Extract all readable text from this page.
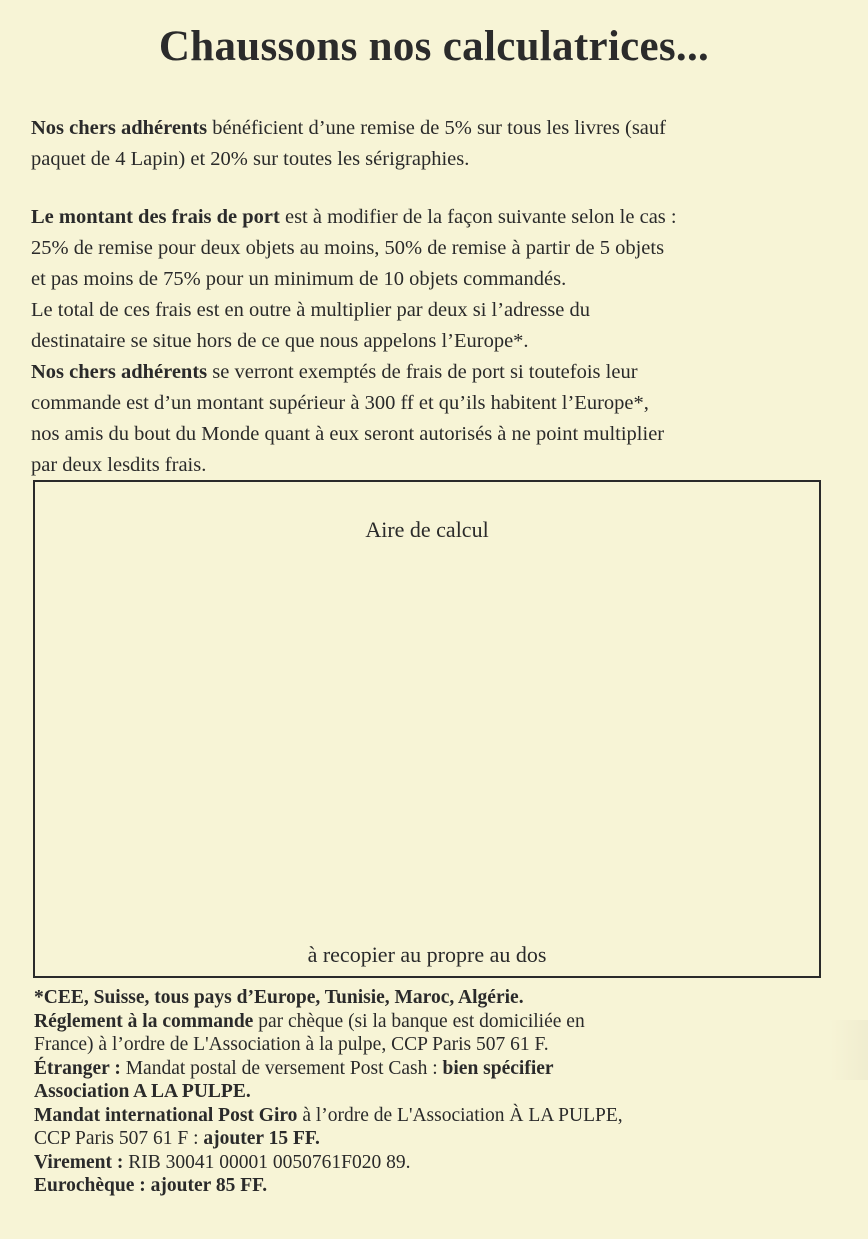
Chaussons nos calculatrices...

Nos chers adhérents bénéficient d’une remise de 5% sur tous les livres (sauf

paquet de 4 Lapin) et 20% sur toutes les sérigraphies.

Le montant des frais de port est à modifier de la façon suivante selon le cas :

25% de remise pour deux objets au moins, 50% de remise à partir de 5 objets

et pas moins de 75% pour un minimum de 10 objets commandés.

Le total de ces frais est en outre à multiplier par deux si l’adresse du

destinataire se situe hors de ce que nous appelons l’Europe*.

Nos chers adhérents se verront exemptés de frais de port si toutefois leur

commande est d’un montant supérieur à 300 ff et qu’ils habitent l’Europe*,

nos amis du bout du Monde quant à eux seront autorisés à ne point multiplier

par deux lesdits frais.

Aire de calcul
à recopier au propre au dos

*CEE, Suisse, tous pays d’Europe, Tunisie, Maroc, Algérie.

Réglement à la commande par chèque (si la banque est domiciliée en

France) à l’ordre de L'Association à la pulpe, CCP Paris 507 61 F.

Étranger : Mandat postal de versement Post Cash : bien spécifier

Association A LA PULPE.

Mandat international Post Giro à l’ordre de L'Association À LA PULPE,

CCP Paris 507 61 F : ajouter 15 FF.

Virement : RIB 30041 00001 0050761F020 89.

Eurochèque : ajouter 85 FF.
